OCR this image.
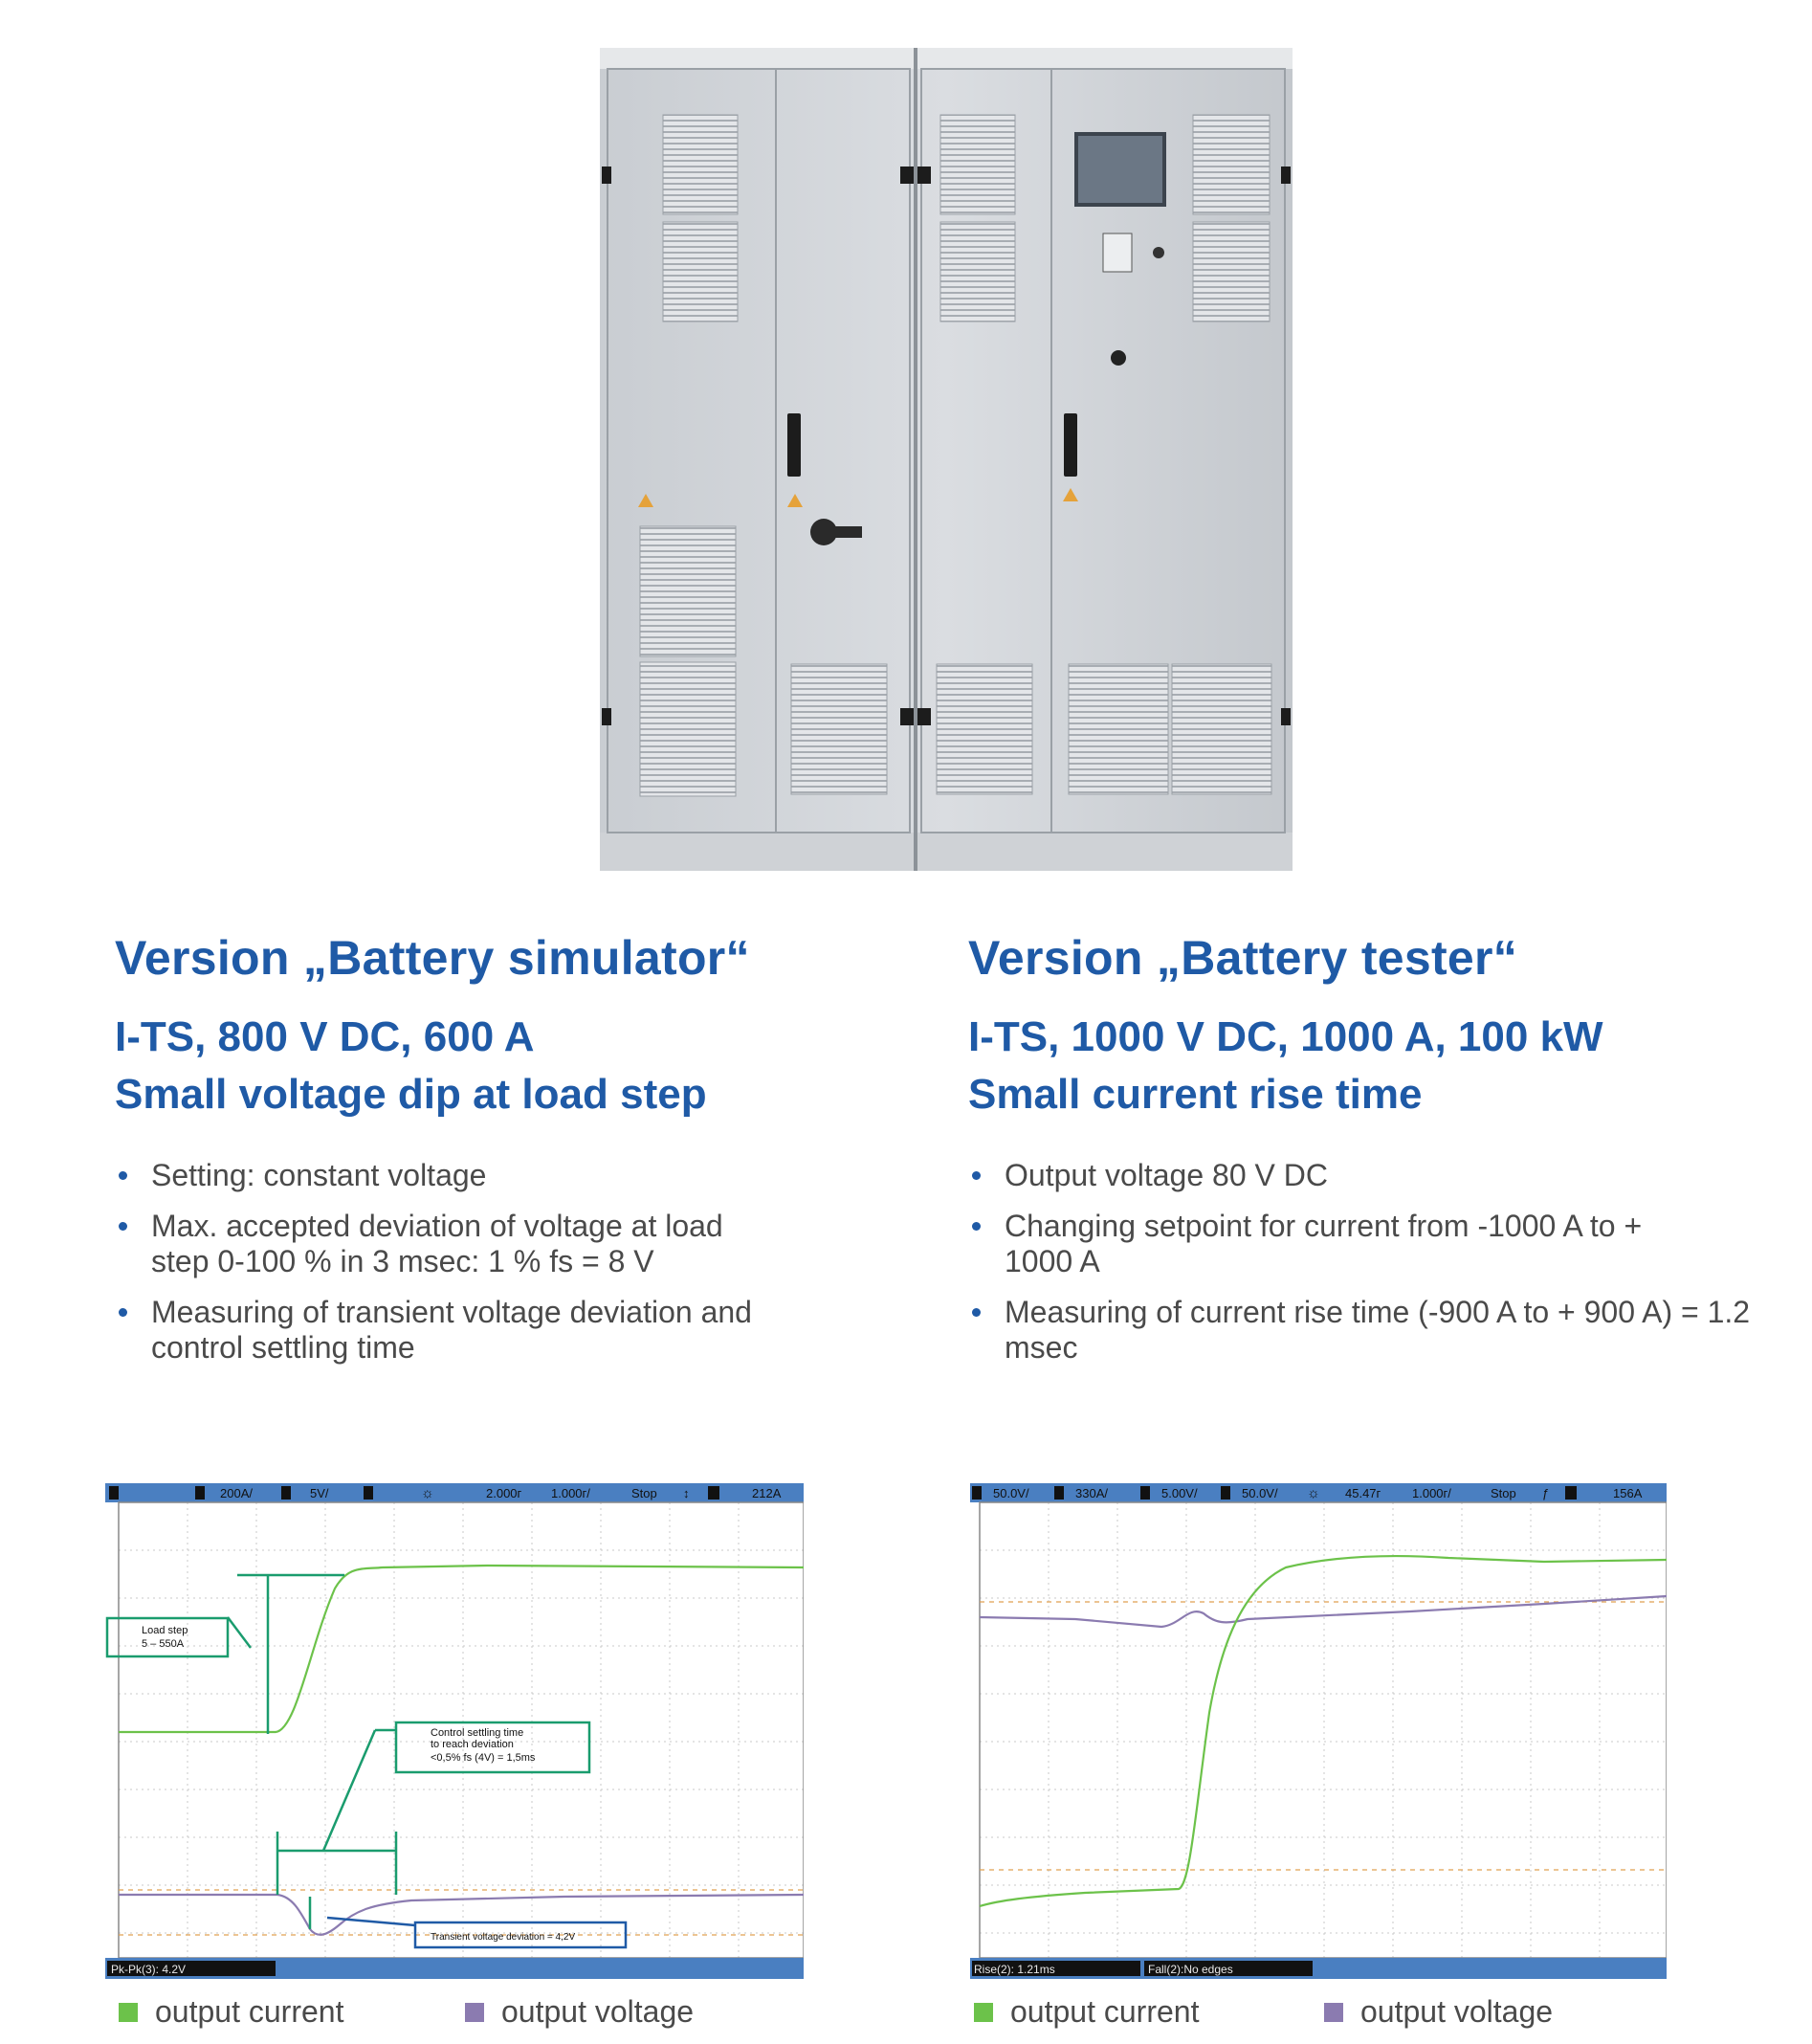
Version „Battery simulator“

I-TS, 800 V DC, 600 A

Small voltage dip at load step

Setting: constant voltage
Max. accepted deviation of voltage at load step 0-100 % in 3 msec: 1 % fs = 8 V
Measuring of transient voltage deviation and control settling time
Version „Battery tester“

I-TS, 1000 V DC, 1000 A, 100 kW

Small current rise time

Output voltage 80 V DC
Changing setpoint for current from -1000 A to + 1000 A
Measuring of current rise time (-900 A to + 900 A) = 1.2 msec
200A/	5V/	☼	2.000ᴦ 1.000ᴦ/	Stop ↕	212A
Load step
5 – 550A
Control settling time
to reach deviation
<0,5% fs (4V) = 1,5ms
Transient voltage deviation = 4,2V
Pk-Pk(3): 4.2V
50.0V/	330A/	5.00V/	50.0V/ ☼ 45.47ᴦ	1.000ᴦ/	Stop ƒ	156A
Rise(2): 1.21ms	Fall(2):No edges
output current	output voltage	output current	output voltage
